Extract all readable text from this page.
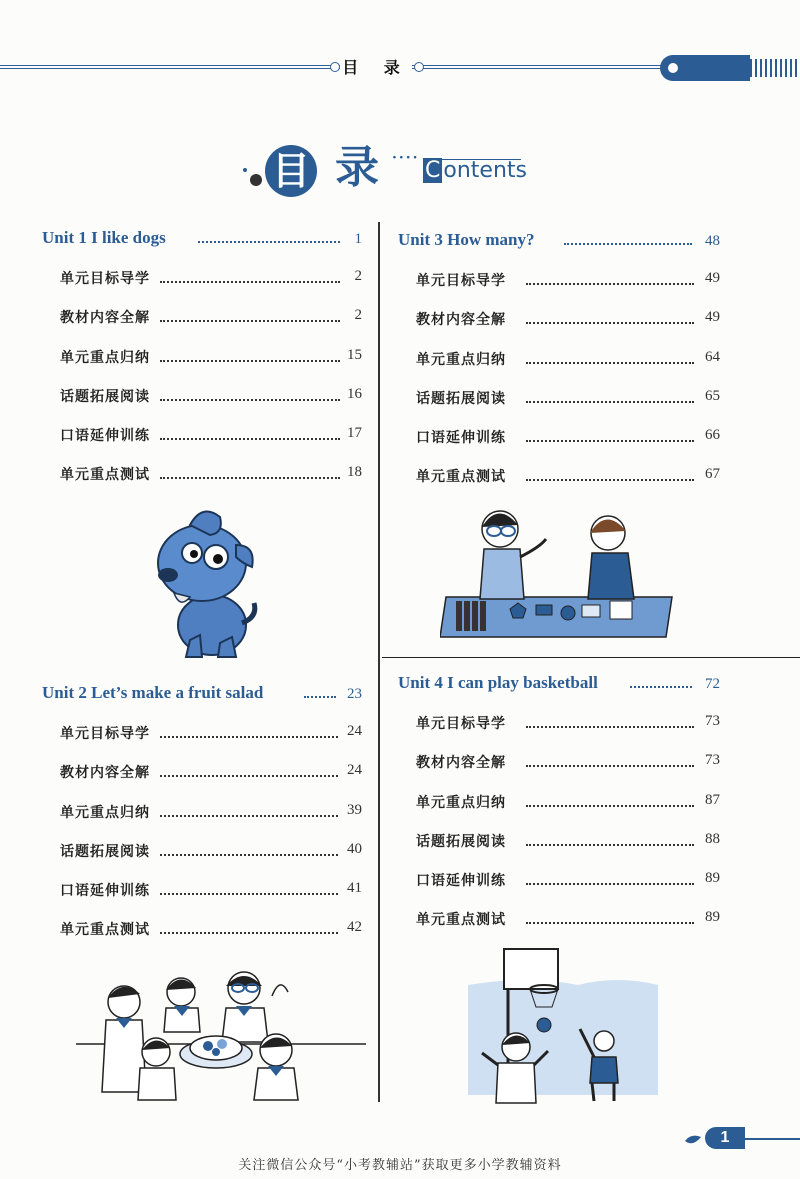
目 录
目 录 ···· C ontents
Unit 1 I like dogs	1
单元目标导学	2
教材内容全解	2
单元重点归纳	15
话题拓展阅读	16
口语延伸训练	17
单元重点测试	18
Unit 2 Let’s make a fruit salad	23
单元目标导学	24
教材内容全解	24
单元重点归纳	39
话题拓展阅读	40
口语延伸训练	41
单元重点测试	42
Unit 3 How many?	48
单元目标导学	49
教材内容全解	49
单元重点归纳	64
话题拓展阅读	65
口语延伸训练	66
单元重点测试	67
Unit 4 I can play basketball	72
单元目标导学	73
教材内容全解	73
单元重点归纳	87
话题拓展阅读	88
口语延伸训练	89
单元重点测试	89
1
关注微信公众号“小考教辅站”获取更多小学教辅资料
